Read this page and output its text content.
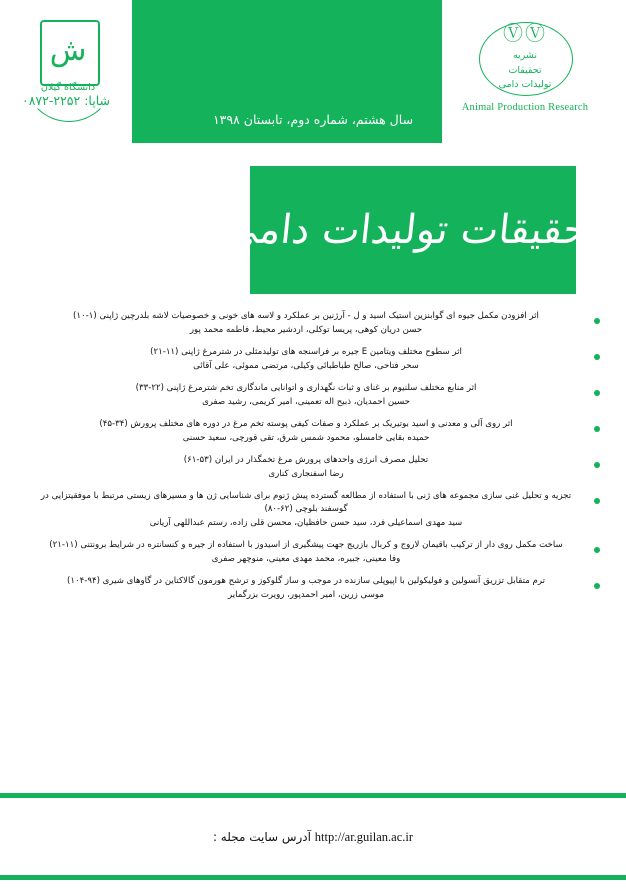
ش
دانشگاه گیلان
ⓋⓋ
نشریه
تحقیقات
تولیدات دامی
Animal Production Research
شاپا: ۲۲۵۲-۰۸۷۲
سال هشتم، شماره دوم، تابستان ۱۳۹۸
تحقیقات تولیدات دامی
اثر افزودن مکمل جیوه ای گوابنزین استیک اسید و ل - آرژنین بر عملکرد و لاسه های خونی و خصوصیات لاشه بلدرچین ژاپنی (۱-۱۰)
حسن دریان کوهی، پریسا توکلی، اردشیر محیط، فاطمه محمد پور
اثر سطوح مختلف ویتامین E جیره بر فراسنجه های تولیدمثلی در شترمرغ ژاپنی (۱۱-۲۱)
سحر فتاحی، صالح طباطبائی وکیلی، مرتضی مموئی، علی آقائی
اثر منابع مختلف سلنیوم بر غنای و ثبات نگهداری و اتوانایی ماندگاری تخم شترمرغ ژاپنی (۲۲-۳۳)
حسین احمدیان، ذبیح اله تعمینی، امیر کریمی، رشید صفری
اثر روی آلی و معدنی و اسید بوتیریک بر عملکرد و صفات کیفی پوسته تخم مرغ در دوره های مختلف پرورش (۳۴-۴۵)
حمیده بقایی خامسلو، محمود شمس شرق، تقی قورچی، سعید حسنی
تحلیل مصرف انرژی واحدهای پرورش مرغ تخمگذار در ایران (۵۳-۶۱)
رضا اسفنجاری کناری
تجزیه و تحلیل غنی سازی مجموعه های ژنی با استفاده از مطالعه گسترده پیش ژنوم برای شناسایی ژن ها و مسیرهای زیستی مرتبط با موفقیتزایی در گوسفند بلوچی (۶۲-۸۰)
سید مهدی اسماعیلی فرد، سید حسن حافظیان، محسن قلی زاده، رستم عبداللهی آریانی
ساخت مکمل روی دار از ترکیب باقیمان لاروج و کربال بازریج جهت پیشگیری از اسیدوز با استفاده از جیره و کنسانتره در شرایط برونتنی (۱۱-۲۱)
وفا معینی، جبیره، محمد مهدی معینی، منوچهر صفری
ترم متقابل تزریق آنسولین و فولیکولین با اپیوپلی سازنده در موجب و ساز گلوکوز و ترشح هورمون گالاکتاین در گاوهای شیری (۹۴-۱۰۴)
موسی زرین، امیر احمدپور، رویرت بزرگمایر
http://ar.guilan.ac.ir آدرس سایت مجله :
